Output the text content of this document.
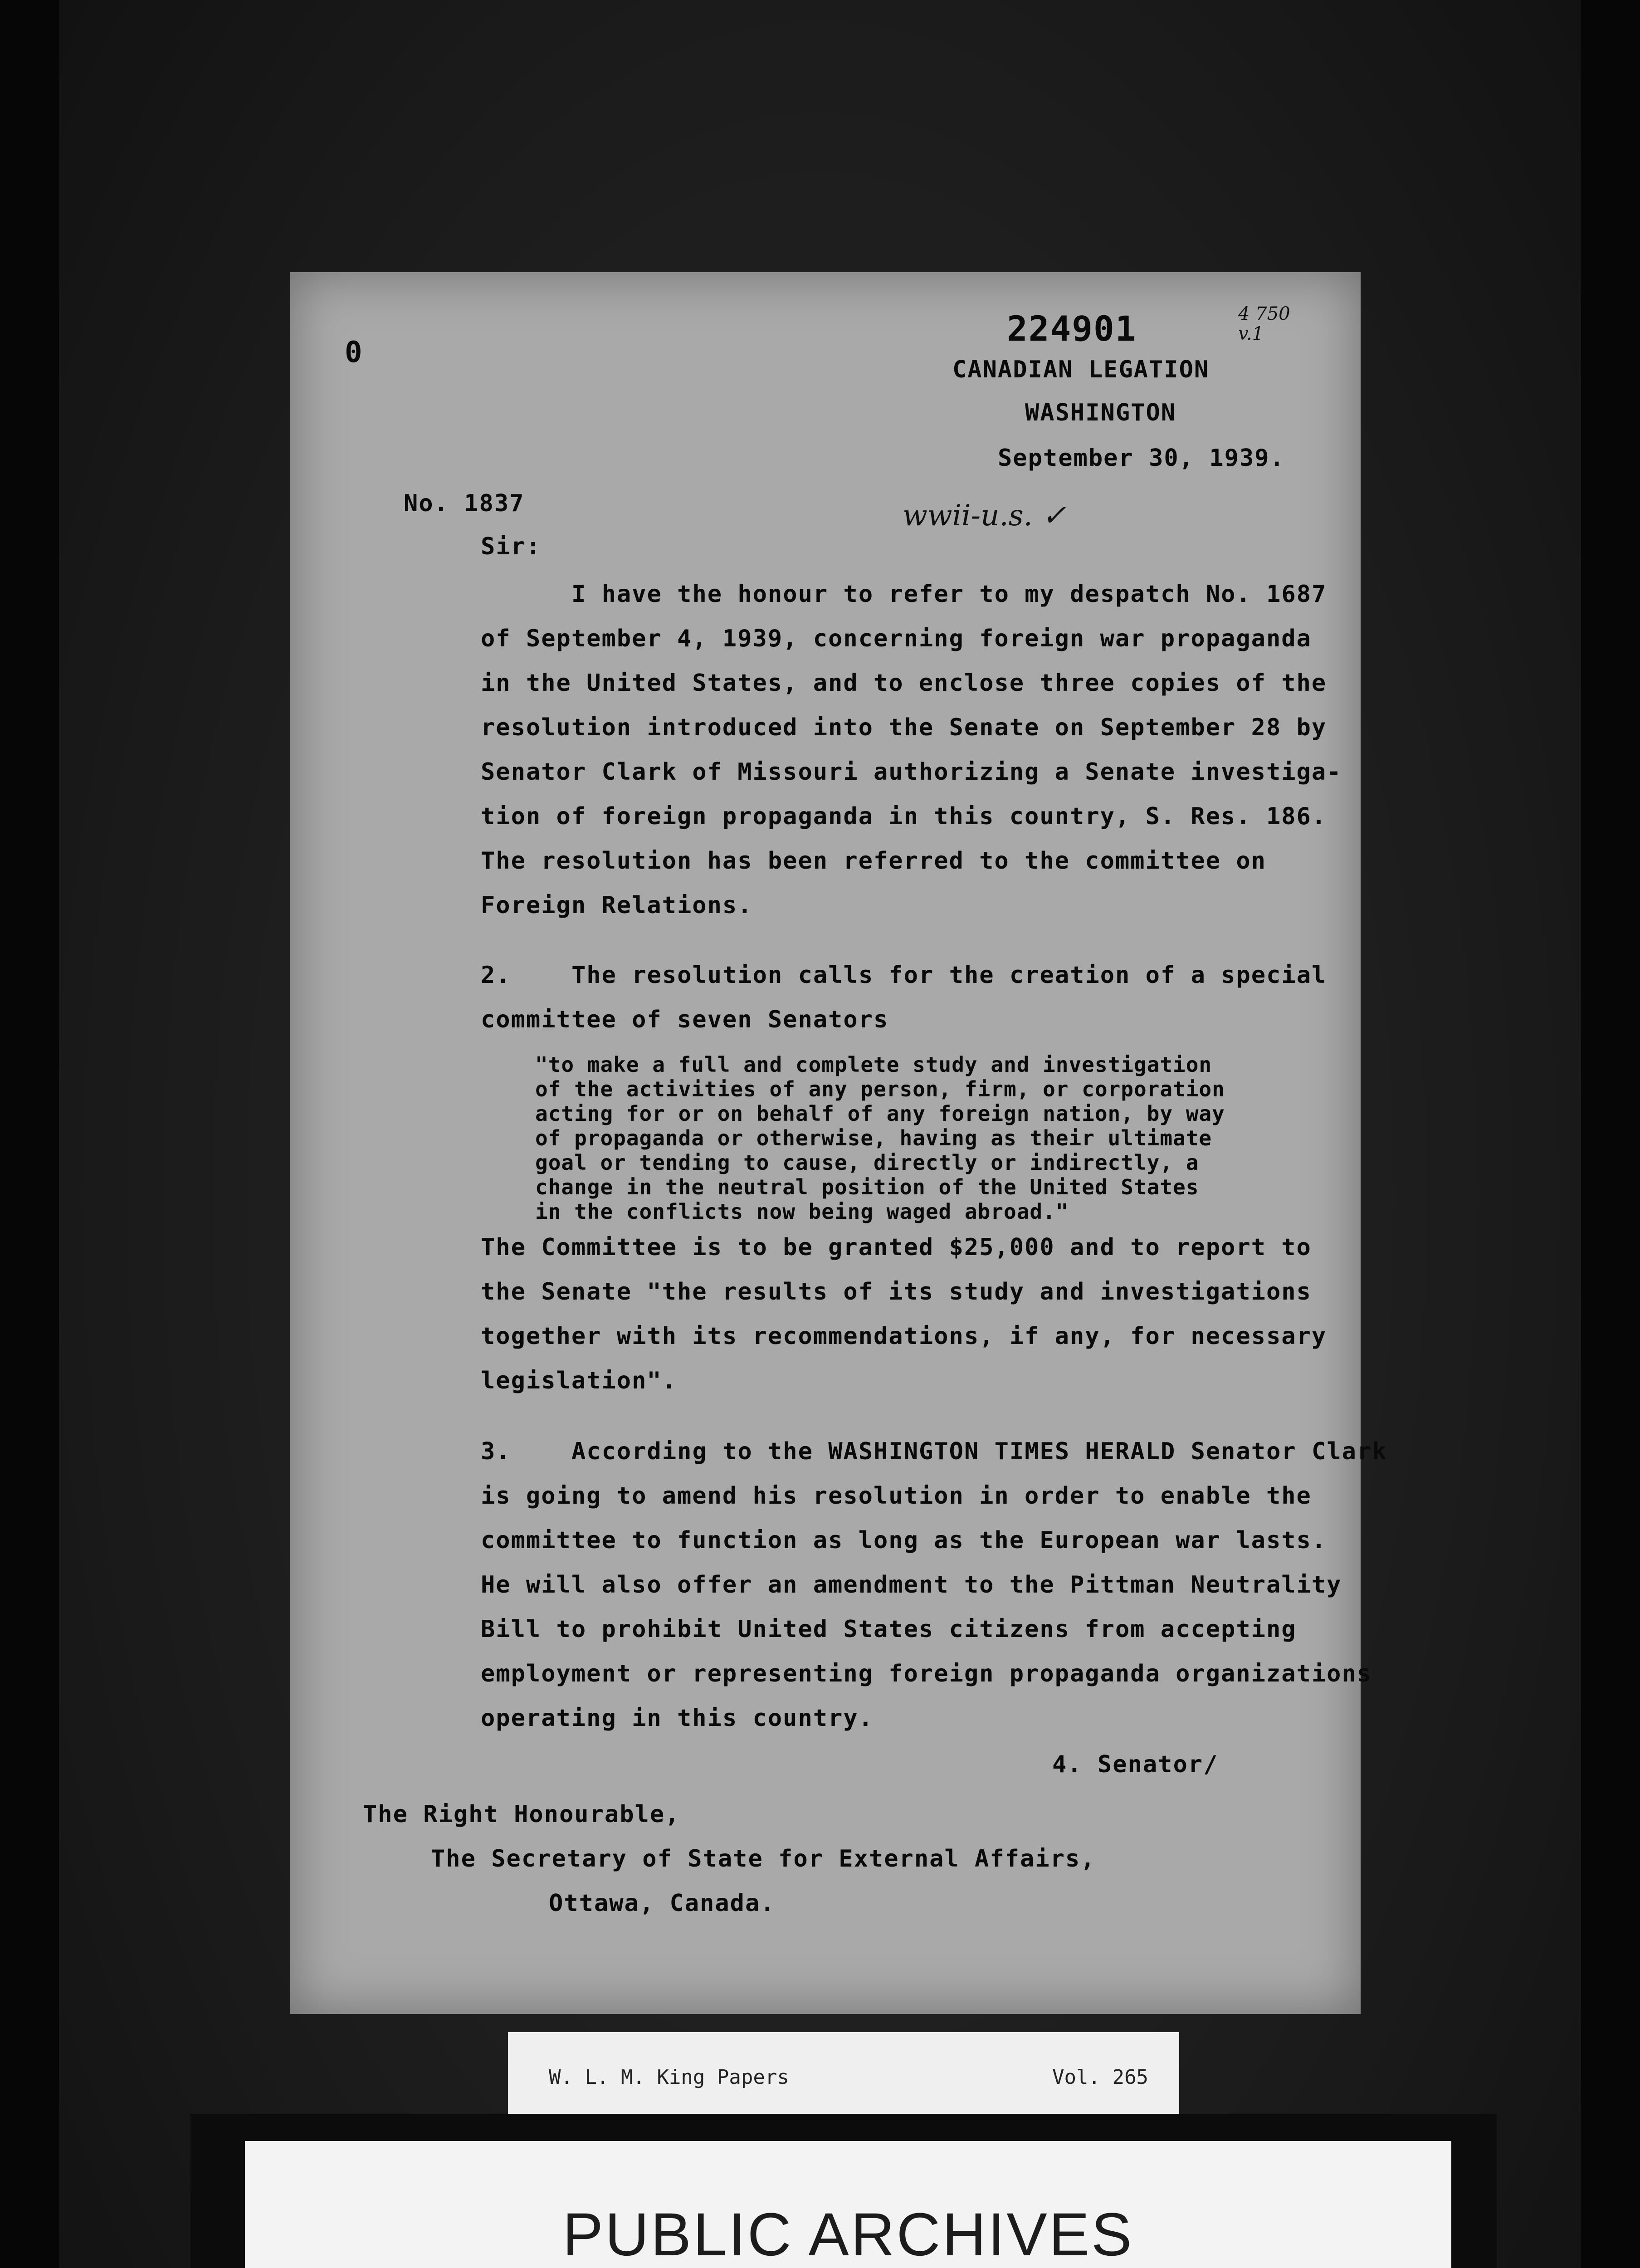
0
224901	4 750
v.1
CANADIAN LEGATION
WASHINGTON
September 30, 1939.
No. 1837	wwii-u.s. ✓
Sir:
I have the honour to refer to my despatch No. 1687
of September 4, 1939, concerning foreign war propaganda
in the United States, and to enclose three copies of the
resolution introduced into the Senate on September 28 by
Senator Clark of Missouri authorizing a Senate investiga-
tion of foreign propaganda in this country, S. Res. 186.
The resolution has been referred to the committee on
Foreign Relations.
2.	The resolution calls for the creation of a special
committee of seven Senators
"to make a full and complete study and investigation
of the activities of any person, firm, or corporation
acting for or on behalf of any foreign nation, by way
of propaganda or otherwise, having as their ultimate
goal or tending to cause, directly or indirectly, a
change in the neutral position of the United States
in the conflicts now being waged abroad."
The Committee is to be granted $25,000 and to report to
the Senate "the results of its study and investigations
together with its recommendations, if any, for necessary
legislation".
3.	According to the WASHINGTON TIMES HERALD Senator Clark
is going to amend his resolution in order to enable the
committee to function as long as the European war lasts.
He will also offer an amendment to the Pittman Neutrality
Bill to prohibit United States citizens from accepting
employment or representing foreign propaganda organizations
operating in this country.
4. Senator/
The Right Honourable,
The Secretary of State for External Affairs,
Ottawa, Canada.
W. L. M. King Papers	Vol. 265
PUBLIC ARCHIVES
